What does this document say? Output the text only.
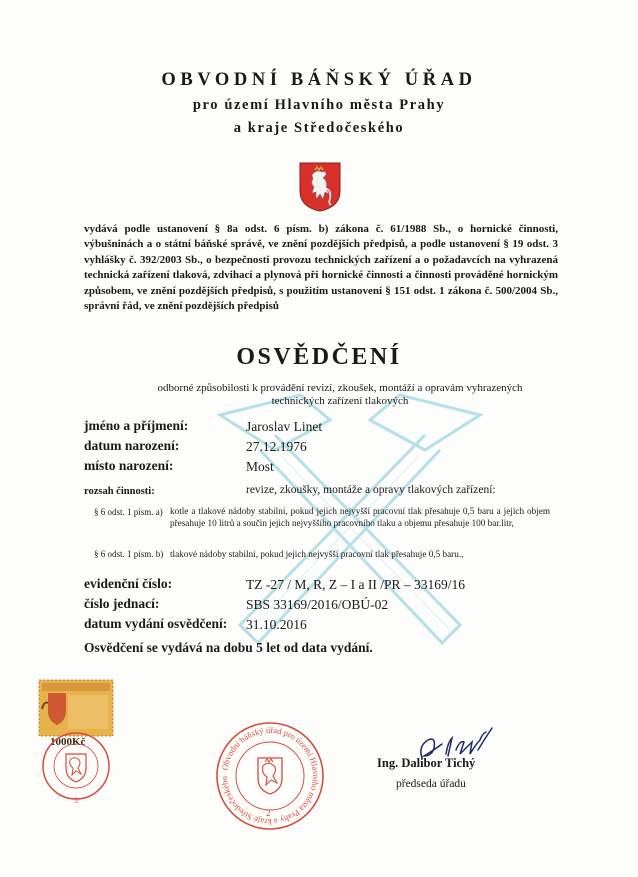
OBVODNÍ BÁŇSKÝ ÚŘAD
pro území Hlavního města Prahy
a kraje Středočeského
vydává podle ustanovení § 8a odst. 6 písm. b) zákona č. 61/1988 Sb., o hornické činnosti, výbušninách a o státní báňské správě, ve znění pozdějších předpisů, a podle ustanovení § 19 odst. 3 vyhlášky č. 392/2003 Sb., o bezpečnosti provozu technických zařízení a o požadavcích na vyhrazená technická zařízení tlaková, zdvihací a plynová při hornické činnosti a činnosti prováděné hornickým způsobem, ve znění pozdějších předpisů, s použitím ustanovení § 151 odst. 1 zákona č. 500/2004 Sb., správní řád, ve znění pozdějších předpisů
OSVĚDČENÍ
odborné způsobilosti k provádění revizí, zkoušek, montáží a opravám vyhrazených technických zařízení tlakových
jméno a příjmení:	Jaroslav Linet
datum narození:	27.12.1976
místo narození:	Most
rozsah činnosti:	revize, zkoušky, montáže a opravy tlakových zařízení:
§ 6 odst. 1 písm. a) kotle a tlakové nádoby stabilní, pokud jejich nejvyšší pracovní tlak přesahuje 0,5 baru a jejich objem přesahuje 10 litrů a součin jejich nejvyššího pracovního tlaku a objemu přesahuje 100 bar.litr,
§ 6 odst. 1 písm. b) tlakové nádoby stabilní, pokud jejich nejvyšší pracovní tlak přesahuje 0,5 baru.,
evidenční číslo:	TZ -27 / M, R, Z – I a II /PR – 33169/16
číslo jednací:	SBS 33169/2016/OBÚ-02
datum vydání osvědčení: 31.10.2016
Osvědčení se vydává na dobu 5 let od data vydání.
1000Kč
3
Obvodní báňský úřad pro území Hlavního města Prahy a kraje Středočeského
2
Ing. Dalibor Tichý
předseda úřadu
